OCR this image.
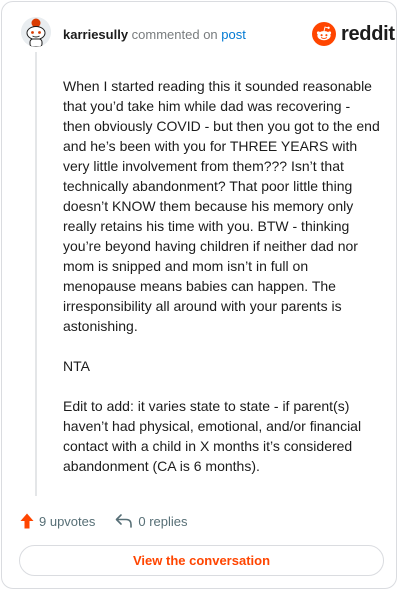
karriesully commented on post	reddit

When I started reading this it sounded reasonable that you’d take him while dad was recovering - then obviously COVID - but then you got to the end and he’s been with you for THREE YEARS with very little involvement from them??? Isn’t that technically abandonment? That poor little thing doesn’t KNOW them because his memory only really retains his time with you. BTW - thinking you’re beyond having children if neither dad nor mom is snipped and mom isn’t in full on menopause means babies can happen. The irresponsibility all around with your parents is astonishing.

NTA

Edit to add: it varies state to state - if parent(s) haven’t had physical, emotional, and/or financial contact with a child in X months it’s considered abandonment (CA is 6 months).

9 upvotes	0 replies
View the conversation
